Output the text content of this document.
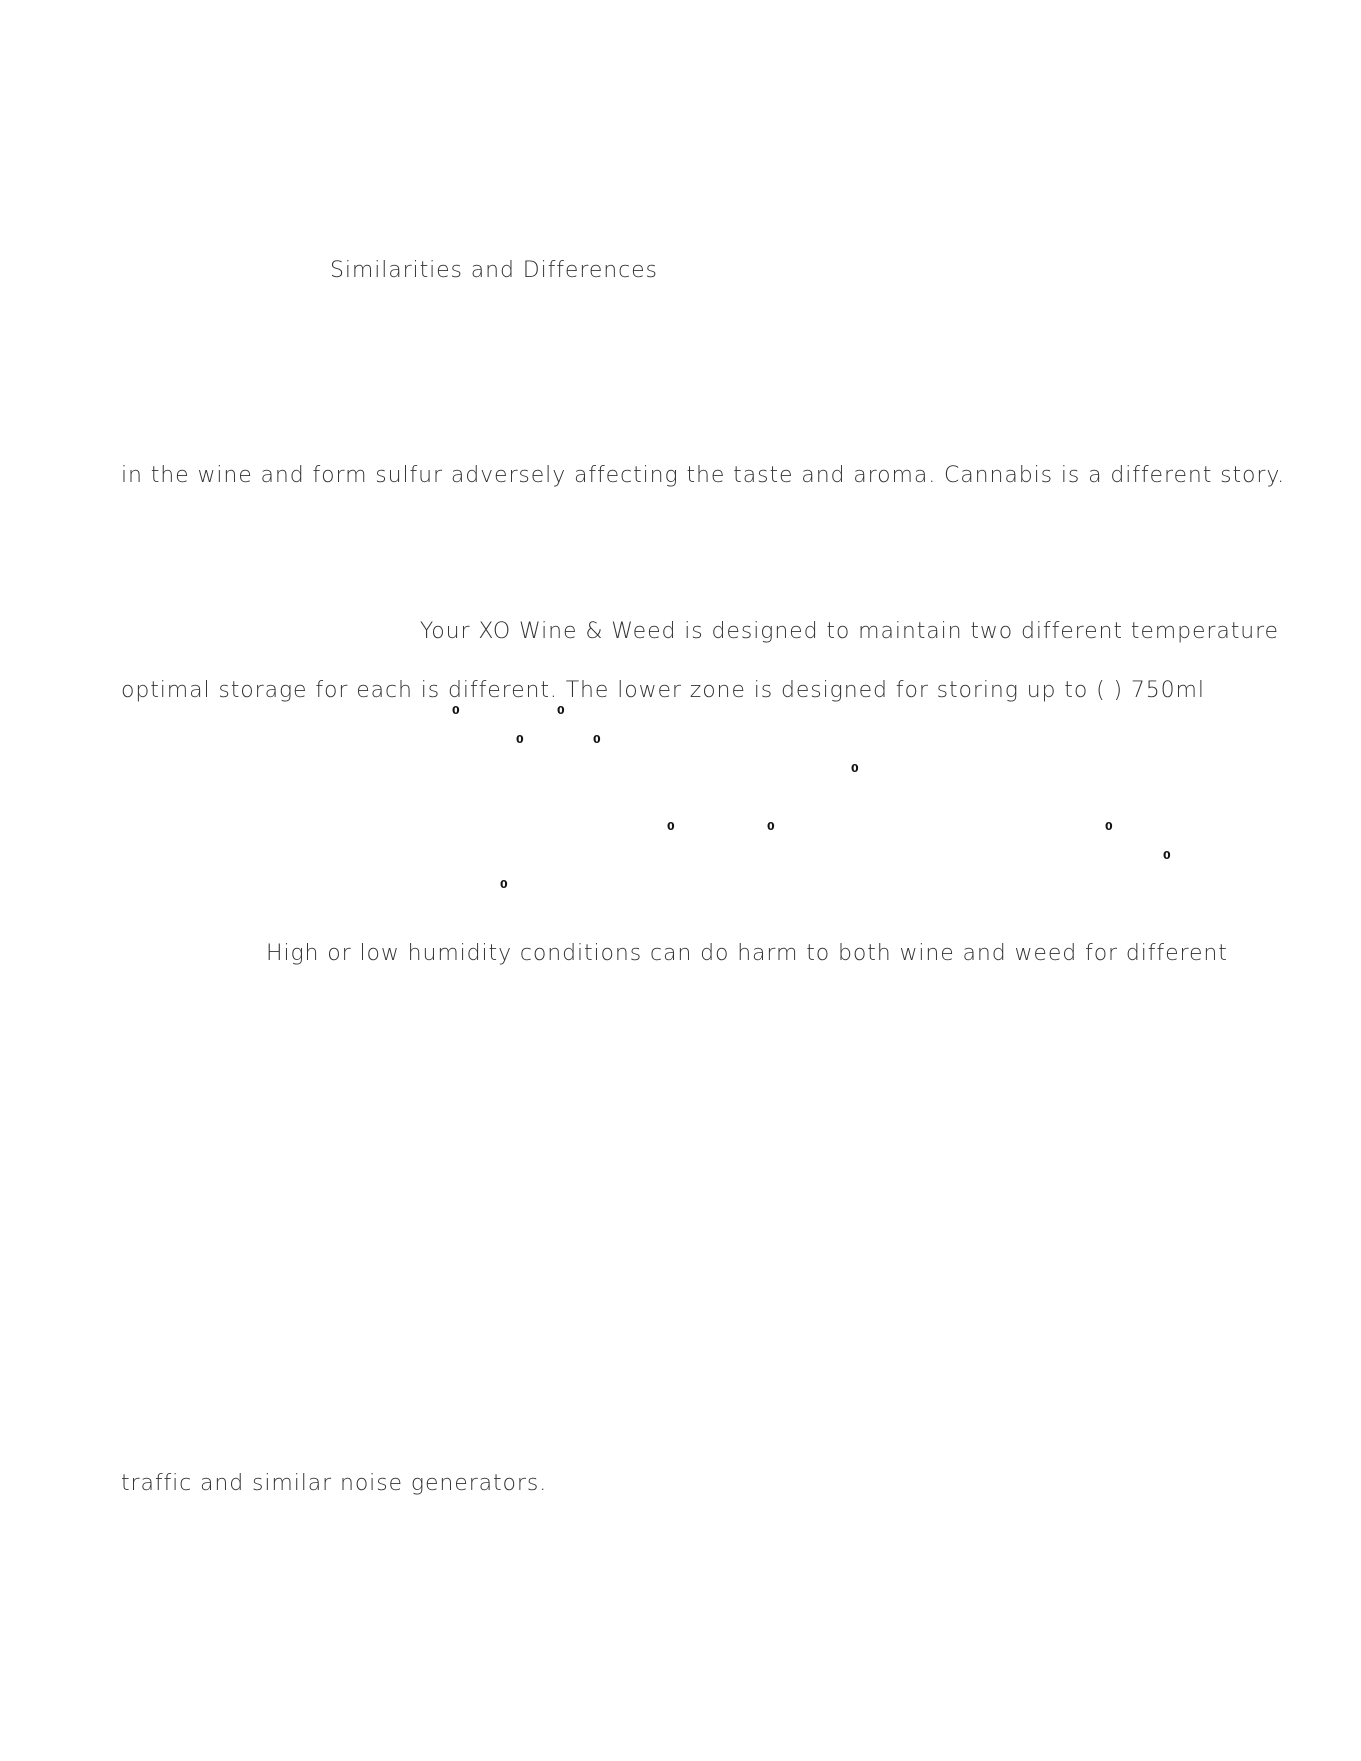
Similarities and Differences
in the wine and form sulfur adversely affecting the taste and aroma. Cannabis is a different story.
Your XO Wine & Weed is designed to maintain two different temperature
optimal storage for each is different. The lower zone is designed for storing up to ( ) 750ml
0	0
0	0
0
0	0	0
0
0
High or low humidity conditions can do harm to both wine and weed for different
traffic and similar noise generators.
